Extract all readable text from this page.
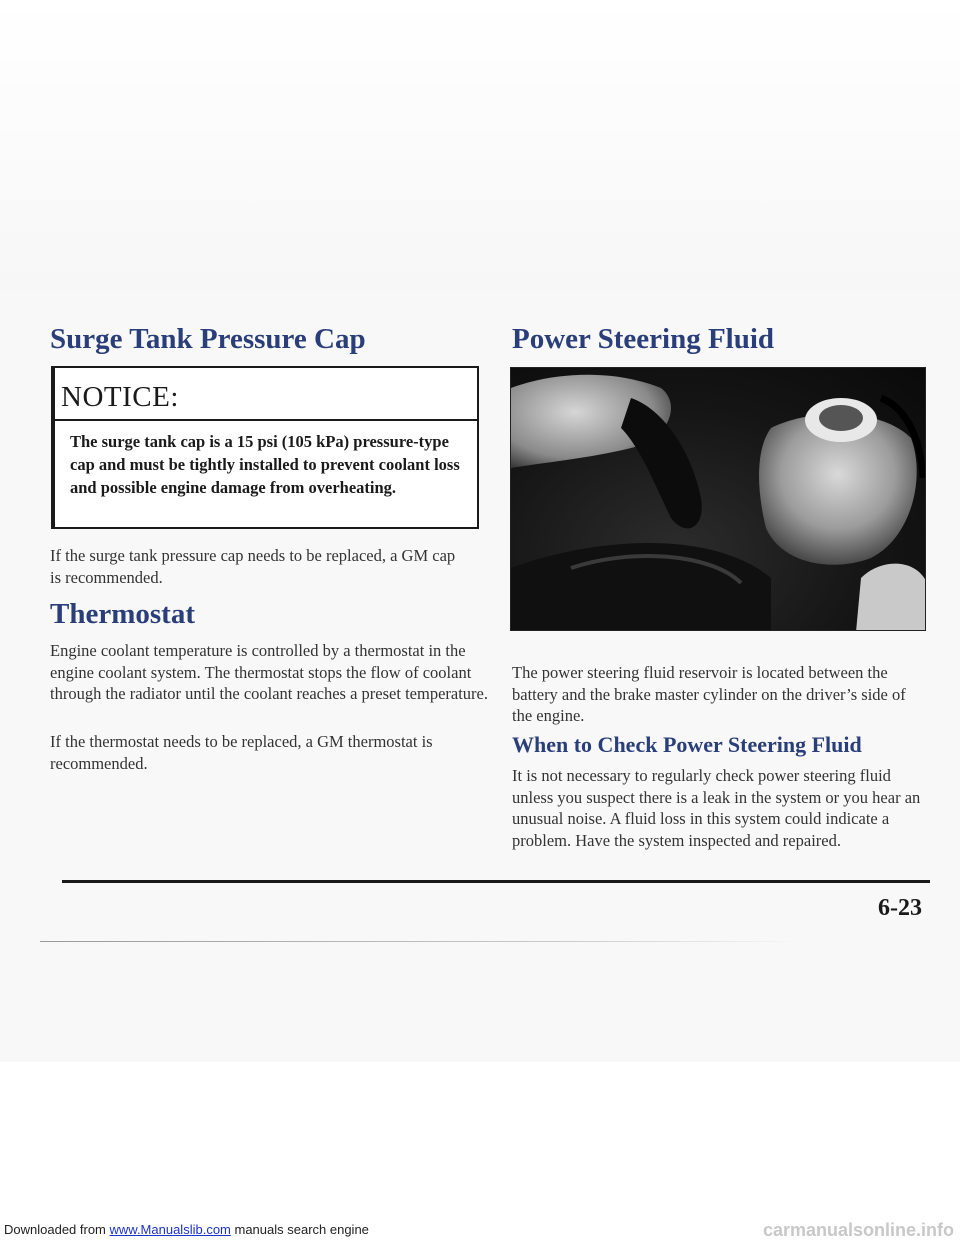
Surge Tank Pressure Cap
NOTICE:

The surge tank cap is a 15 psi (105 kPa) pressure-type cap and must be tightly installed to prevent coolant loss and possible engine damage from overheating.

If the surge tank pressure cap needs to be replaced, a GM cap is recommended.

Thermostat

Engine coolant temperature is controlled by a thermostat in the engine coolant system. The thermostat stops the flow of coolant through the radiator until the coolant reaches a preset temperature.

If the thermostat needs to be replaced, a GM thermostat is recommended.

Power Steering Fluid

The power steering fluid reservoir is located between the battery and the brake master cylinder on the driver’s side of the engine.

When to Check Power Steering Fluid

It is not necessary to regularly check power steering fluid unless you suspect there is a leak in the system or you hear an unusual noise. A fluid loss in this system could indicate a problem. Have the system inspected and repaired.

6-23

Downloaded from www.Manualslib.com manuals search engine	carmanualsonline.info
